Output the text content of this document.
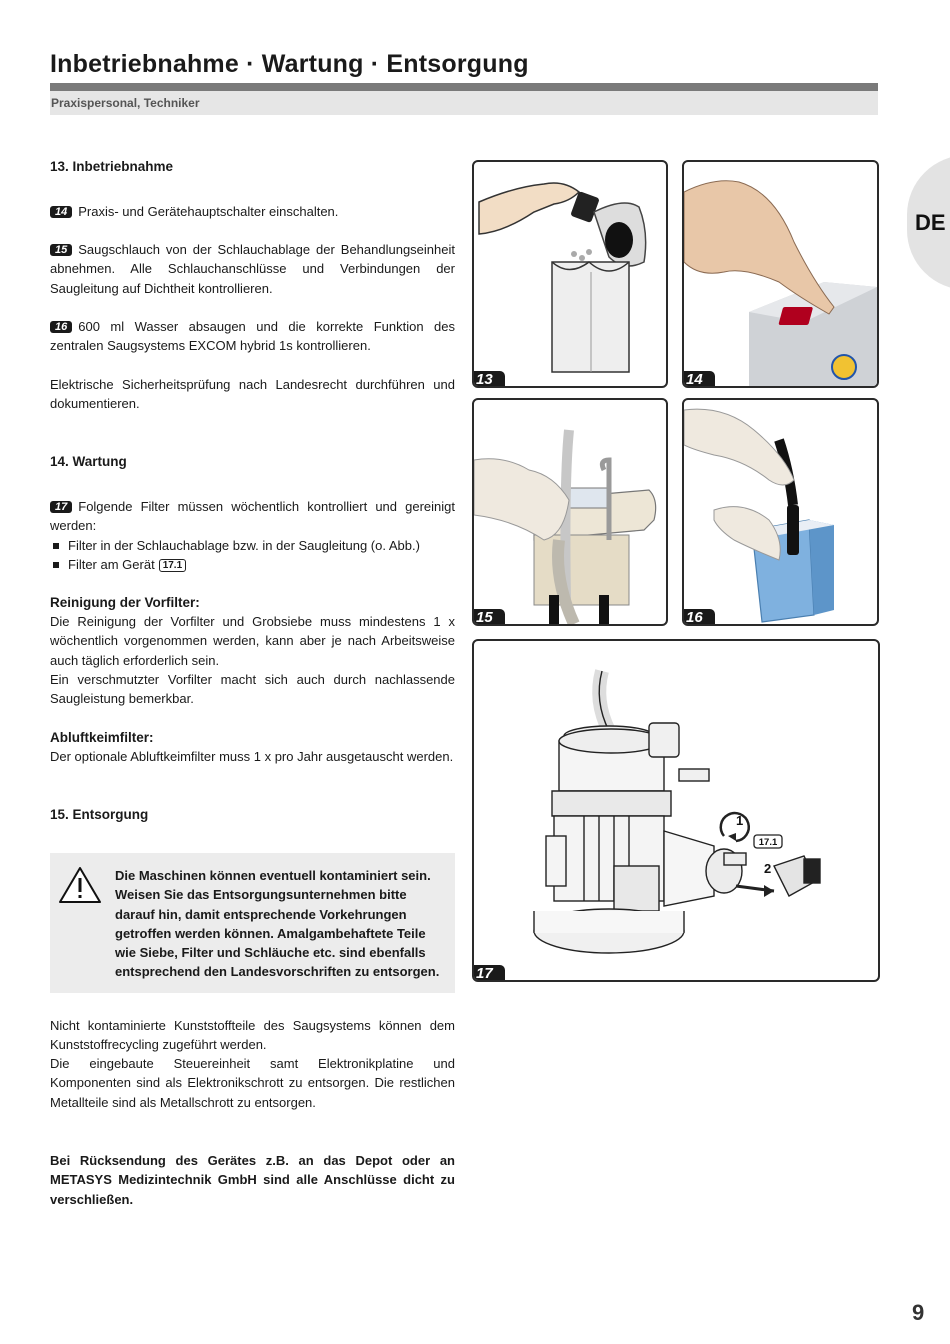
Inbetriebnahme · Wartung · Entsorgung
Praxispersonal, Techniker
DE
13. Inbetriebnahme
14 Praxis- und Gerätehauptschalter einschalten.
15 Saugschlauch von der Schlauchablage der Behandlungseinheit abnehmen. Alle Schlauchanschlüsse und Verbindungen der Saugleitung auf Dichtheit kontrollieren.
16 600 ml Wasser absaugen und die korrekte Funktion des zentralen Saugsystems EXCOM hybrid 1s kontrollieren.
Elektrische Sicherheitsprüfung nach Landesrecht durchführen und dokumentieren.
14. Wartung
17 Folgende Filter müssen wöchentlich kontrolliert und gereinigt werden:
Filter in der Schlauchablage bzw. in der Saugleitung (o. Abb.)
Filter am Gerät 17.1
Reinigung der Vorfilter:
Die Reinigung der Vorfilter und Grobsiebe muss mindestens 1 x wöchentlich vorgenommen werden, kann aber je nach Arbeitsweise auch täglich erforderlich sein.
Ein verschmutzter Vorfilter macht sich auch durch nachlassende Saugleistung bemerkbar.
Abluftkeimfilter:
Der optionale Abluftkeimfilter muss 1 x pro Jahr ausgetauscht werden.
15. Entsorgung
Die Maschinen können eventuell kontaminiert sein. Weisen Sie das Entsorgungsunternehmen bitte darauf hin, damit entsprechende Vorkehrungen getroffen werden können. Amalgambehaftete Teile wie Siebe, Filter und Schläuche etc. sind ebenfalls entsprechend den Landesvorschriften zu entsorgen.
Nicht kontaminierte Kunststoffteile des Saugsystems können dem Kunststoffrecycling zugeführt werden.
Die eingebaute Steuereinheit samt Elektronikplatine und Komponenten sind als Elektronikschrott zu entsorgen. Die restlichen Metallteile sind als Metallschrott zu entsorgen.
Bei Rücksendung des Gerätes z.B. an das Depot oder an METASYS Medizintechnik GmbH sind alle Anschlüsse dicht zu verschließen.
13	14
15	16
1
2
17.1
17
9
